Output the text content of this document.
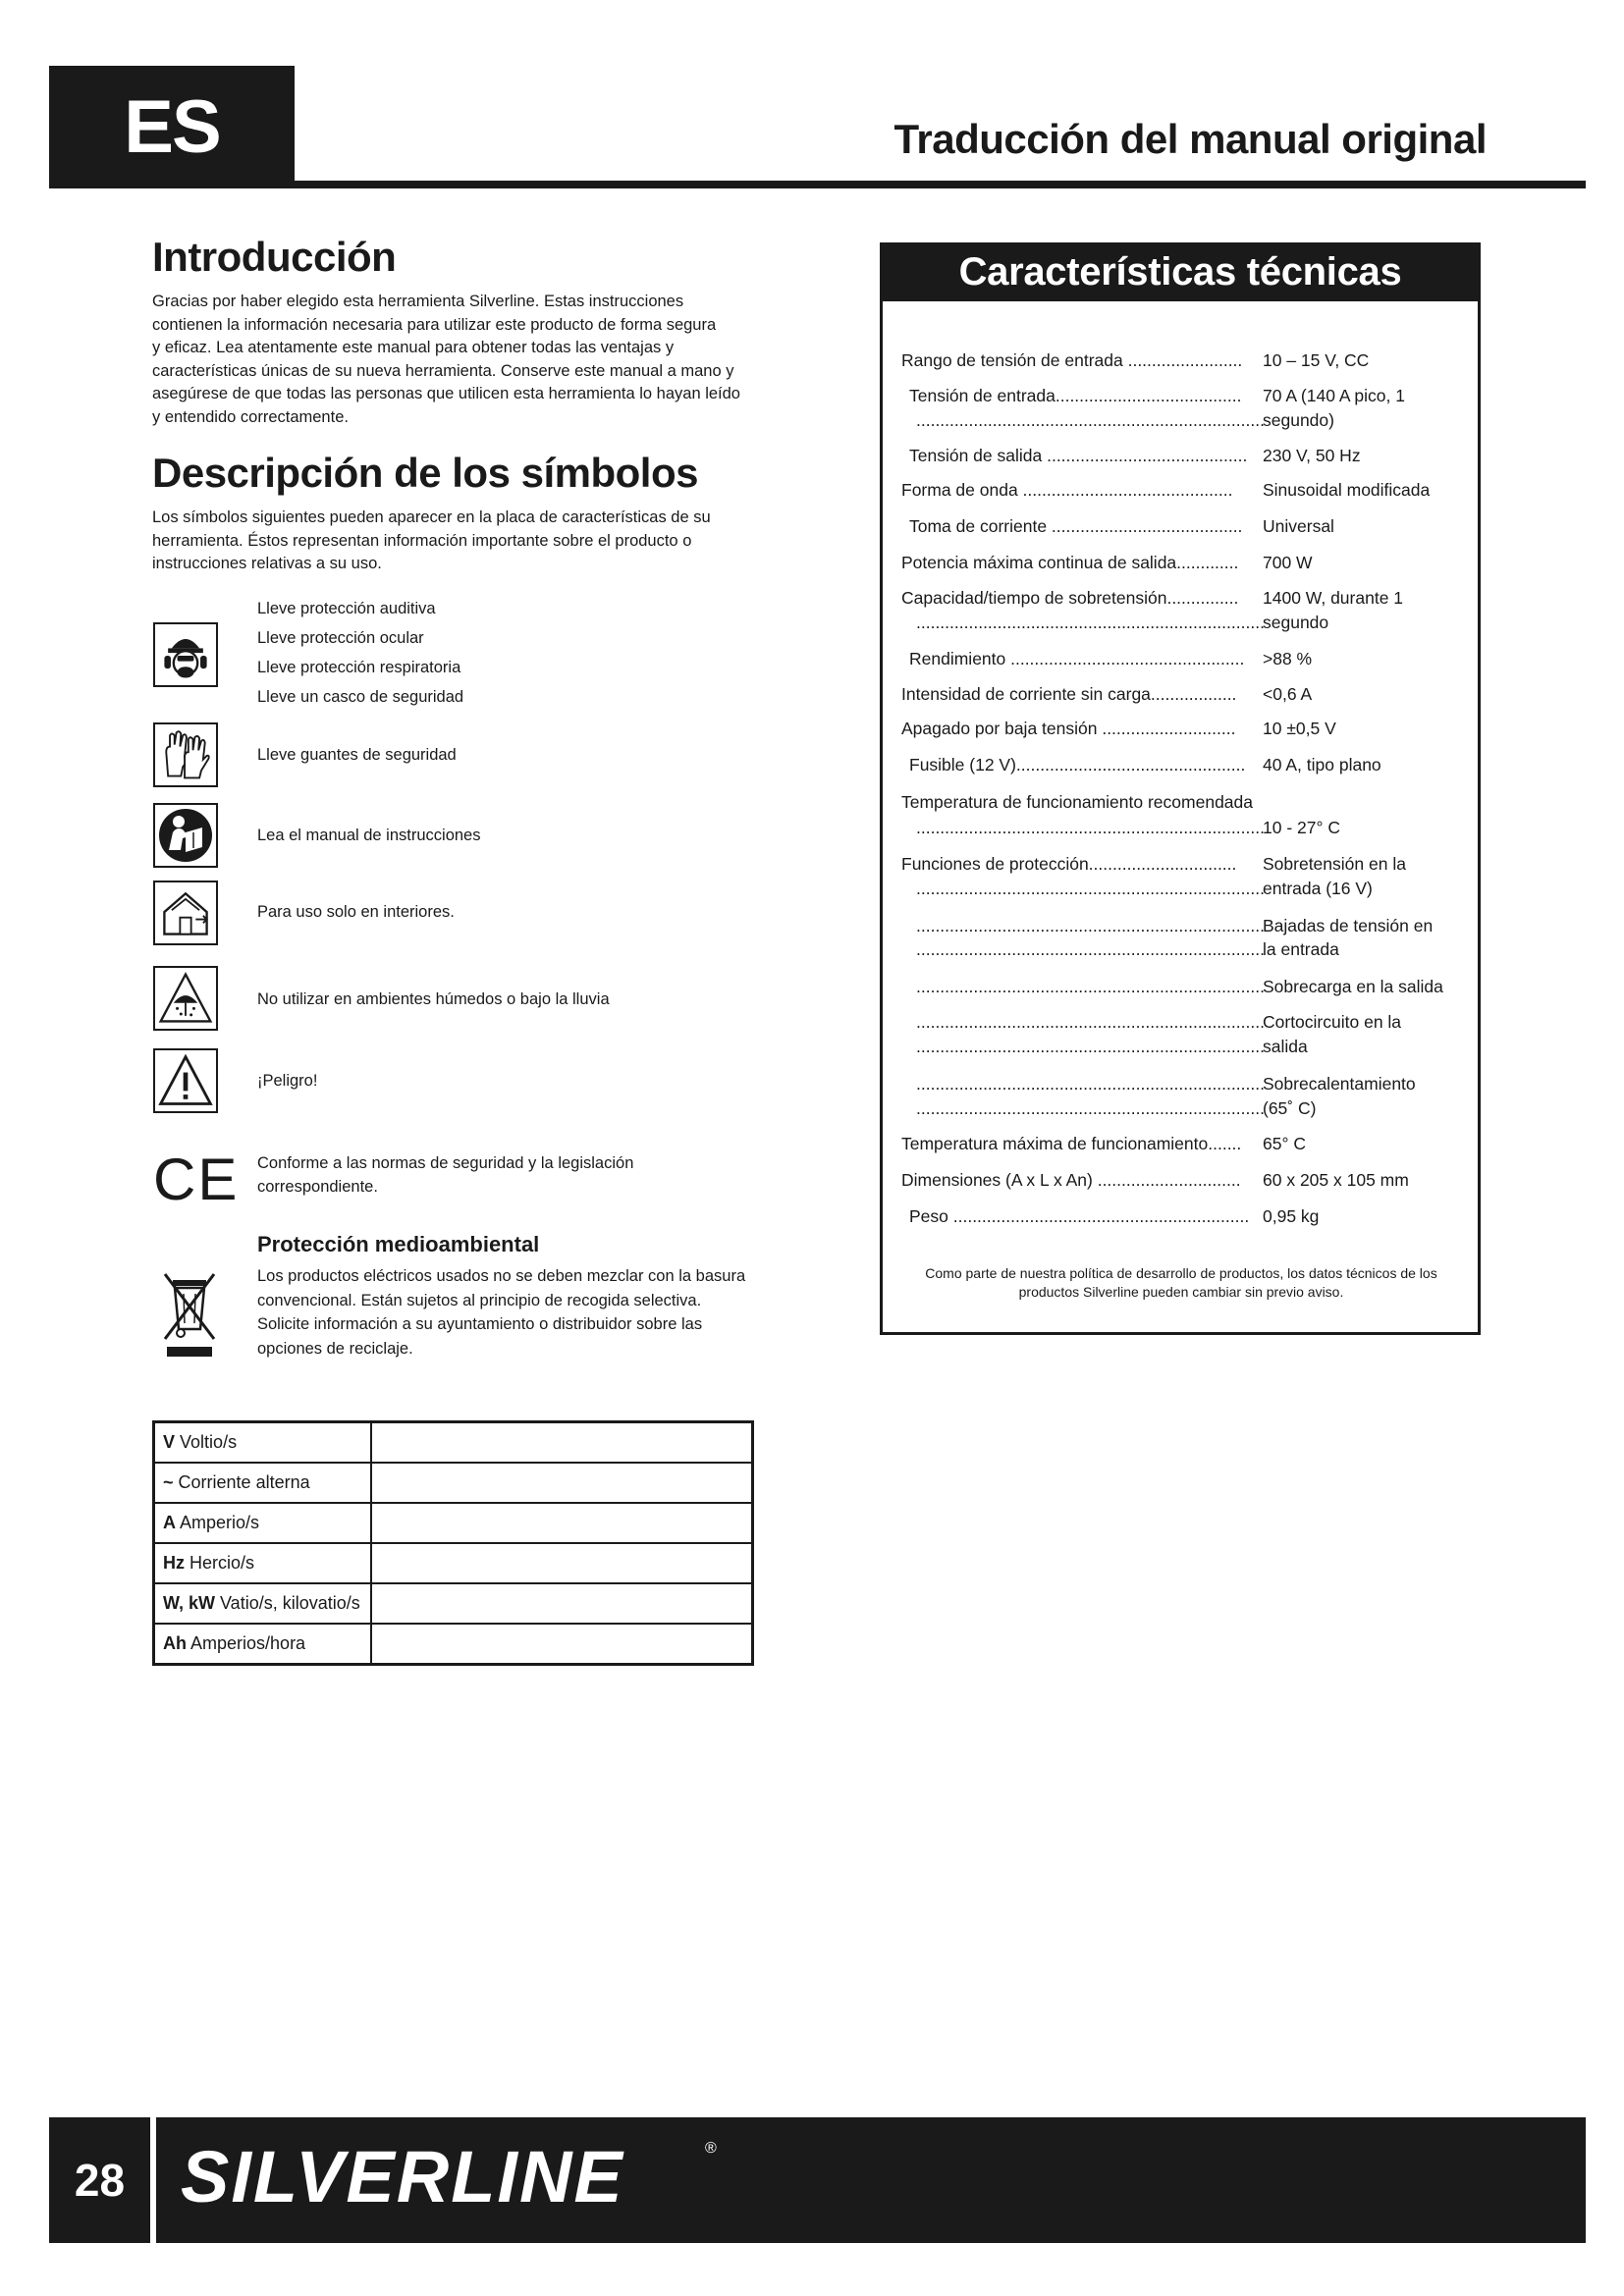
ES	Traducción del manual original
Introducción

Gracias por haber elegido esta herramienta Silverline. Estas instrucciones

contienen la información necesaria para utilizar este producto de forma segura

y eficaz. Lea atentamente este manual para obtener todas las ventajas y

características únicas de su nueva herramienta. Conserve este manual a mano y

asegúrese de que todas las personas que utilicen esta herramienta lo hayan leído

y entendido correctamente.

Descripción de los símbolos

Los símbolos siguientes pueden aparecer en la placa de características de su

herramienta. Éstos representan información importante sobre el producto o

instrucciones relativas a su uso.

Lleve protección auditiva
Lleve protección ocular
Lleve protección respiratoria
Lleve un casco de seguridad
Lleve guantes de seguridad
Lea el manual de instrucciones
Para uso solo en interiores.
No utilizar en ambientes húmedos o bajo la lluvia
¡Peligro!
CE Conforme a las normas de seguridad y la legislación

correspondiente.

Protección medioambiental
Los productos eléctricos usados no se deben mezclar con la basura
convencional. Están sujetos al principio de recogida selectiva.
Solicite información a su ayuntamiento o distribuidor sobre las
opciones de reciclaje.
V Voltio/s	
~ Corriente alterna	
A Amperio/s	
Hz Hercio/s	
W, kW Vatio/s, kilovatio/s	
Ah Amperios/hora	
Características técnicas
Rango de tensión de entrada ........................ 10 – 15 V, CC
Tensión de entrada....................................... 70 A (140 A pico, 1
.........................................................................
segundo)
Tensión de salida .......................................... 230 V, 50 Hz
Forma de onda ............................................ Sinusoidal modificada
Toma de corriente ........................................ Universal
Potencia máxima continua de salida............. 700 W
Capacidad/tiempo de sobretensión............... 1400 W, durante 1
.........................................................................
segundo
Rendimiento ................................................. >88 %
Intensidad de corriente sin carga.................. <0,6 A
Apagado por baja tensión ............................ 10 ±0,5 V
Fusible (12 V)................................................ 40 A, tipo plano
Temperatura de funcionamiento recomendada
.........................................................................
10 - 27° C
Funciones de protección............................... Sobretensión en la
.........................................................................
entrada (16 V)
.........................................................................
Bajadas de tensión en
.........................................................................
la entrada
.........................................................................
Sobrecarga en la salida
.........................................................................
Cortocircuito en la
.........................................................................
salida
.........................................................................
Sobrecalentamiento
.........................................................................
(65˚ C)
Temperatura máxima de funcionamiento....... 65° C
Dimensiones (A x L x An) .............................. 60 x 205 x 105 mm
Peso .............................................................. 0,95 kg
Como parte de nuestra política de desarrollo de productos, los datos técnicos de los
productos Silverline pueden cambiar sin previo aviso.
28 SILVERLINE	®
